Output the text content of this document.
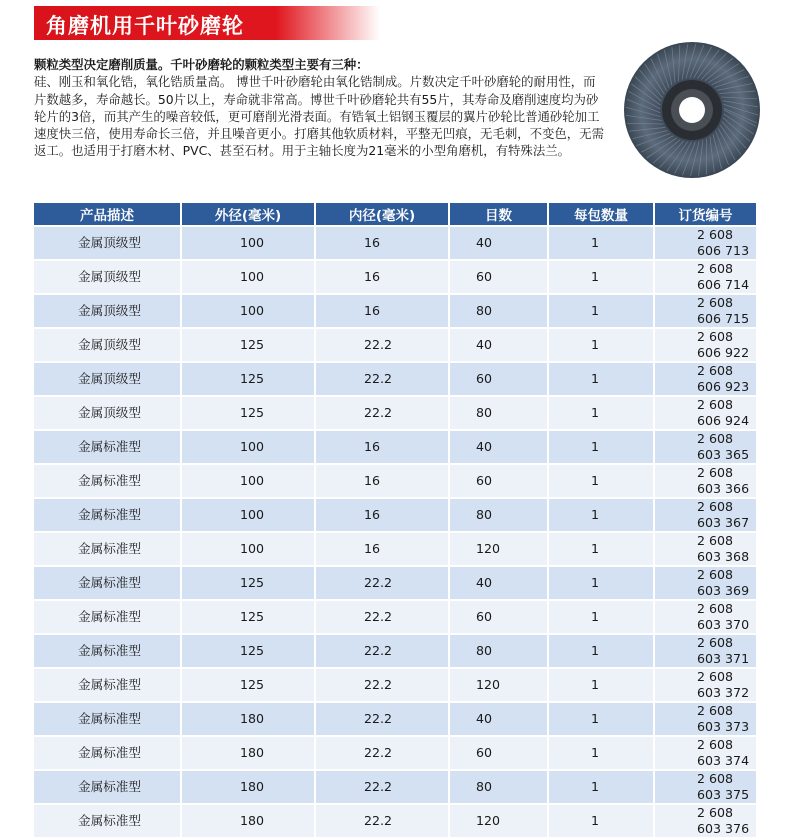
角磨机用千叶砂磨轮
颗粒类型决定磨削质量。千叶砂磨轮的颗粒类型主要有三种：
硅、刚玉和氧化锆，氧化锆质量高。 博世千叶砂磨轮由氧化锆制成。片数决定千叶砂磨轮的耐用性，而片数越多，寿命越长。50片以上，寿命就非常高。博世千叶砂磨轮共有55片，其寿命及磨削速度均为砂轮片的3倍，而其产生的噪音较低，更可磨削光滑表面。有锆氧土铝钢玉覆层的翼片砂轮比普通砂轮加工速度快三倍，使用寿命长三倍，并且噪音更小。打磨其他软质材料，平整无凹痕，无毛刺，不变色，无需返工。也适用于打磨木材、PVC、甚至石材。用于主轴长度为21毫米的小型角磨机，有特殊法兰。
产品描述	外径(毫米)	内径(毫米)	目数	每包数量	订货编号
金属顶级型	100	16	40	1	2 608 606 713
金属顶级型	100	16	60	1	2 608 606 714
金属顶级型	100	16	80	1	2 608 606 715
金属顶级型	125	22.2	40	1	2 608 606 922
金属顶级型	125	22.2	60	1	2 608 606 923
金属顶级型	125	22.2	80	1	2 608 606 924
金属标准型	100	16	40	1	2 608 603 365
金属标准型	100	16	60	1	2 608 603 366
金属标准型	100	16	80	1	2 608 603 367
金属标准型	100	16	120	1	2 608 603 368
金属标准型	125	22.2	40	1	2 608 603 369
金属标准型	125	22.2	60	1	2 608 603 370
金属标准型	125	22.2	80	1	2 608 603 371
金属标准型	125	22.2	120	1	2 608 603 372
金属标准型	180	22.2	40	1	2 608 603 373
金属标准型	180	22.2	60	1	2 608 603 374
金属标准型	180	22.2	80	1	2 608 603 375
金属标准型	180	22.2	120	1	2 608 603 376
